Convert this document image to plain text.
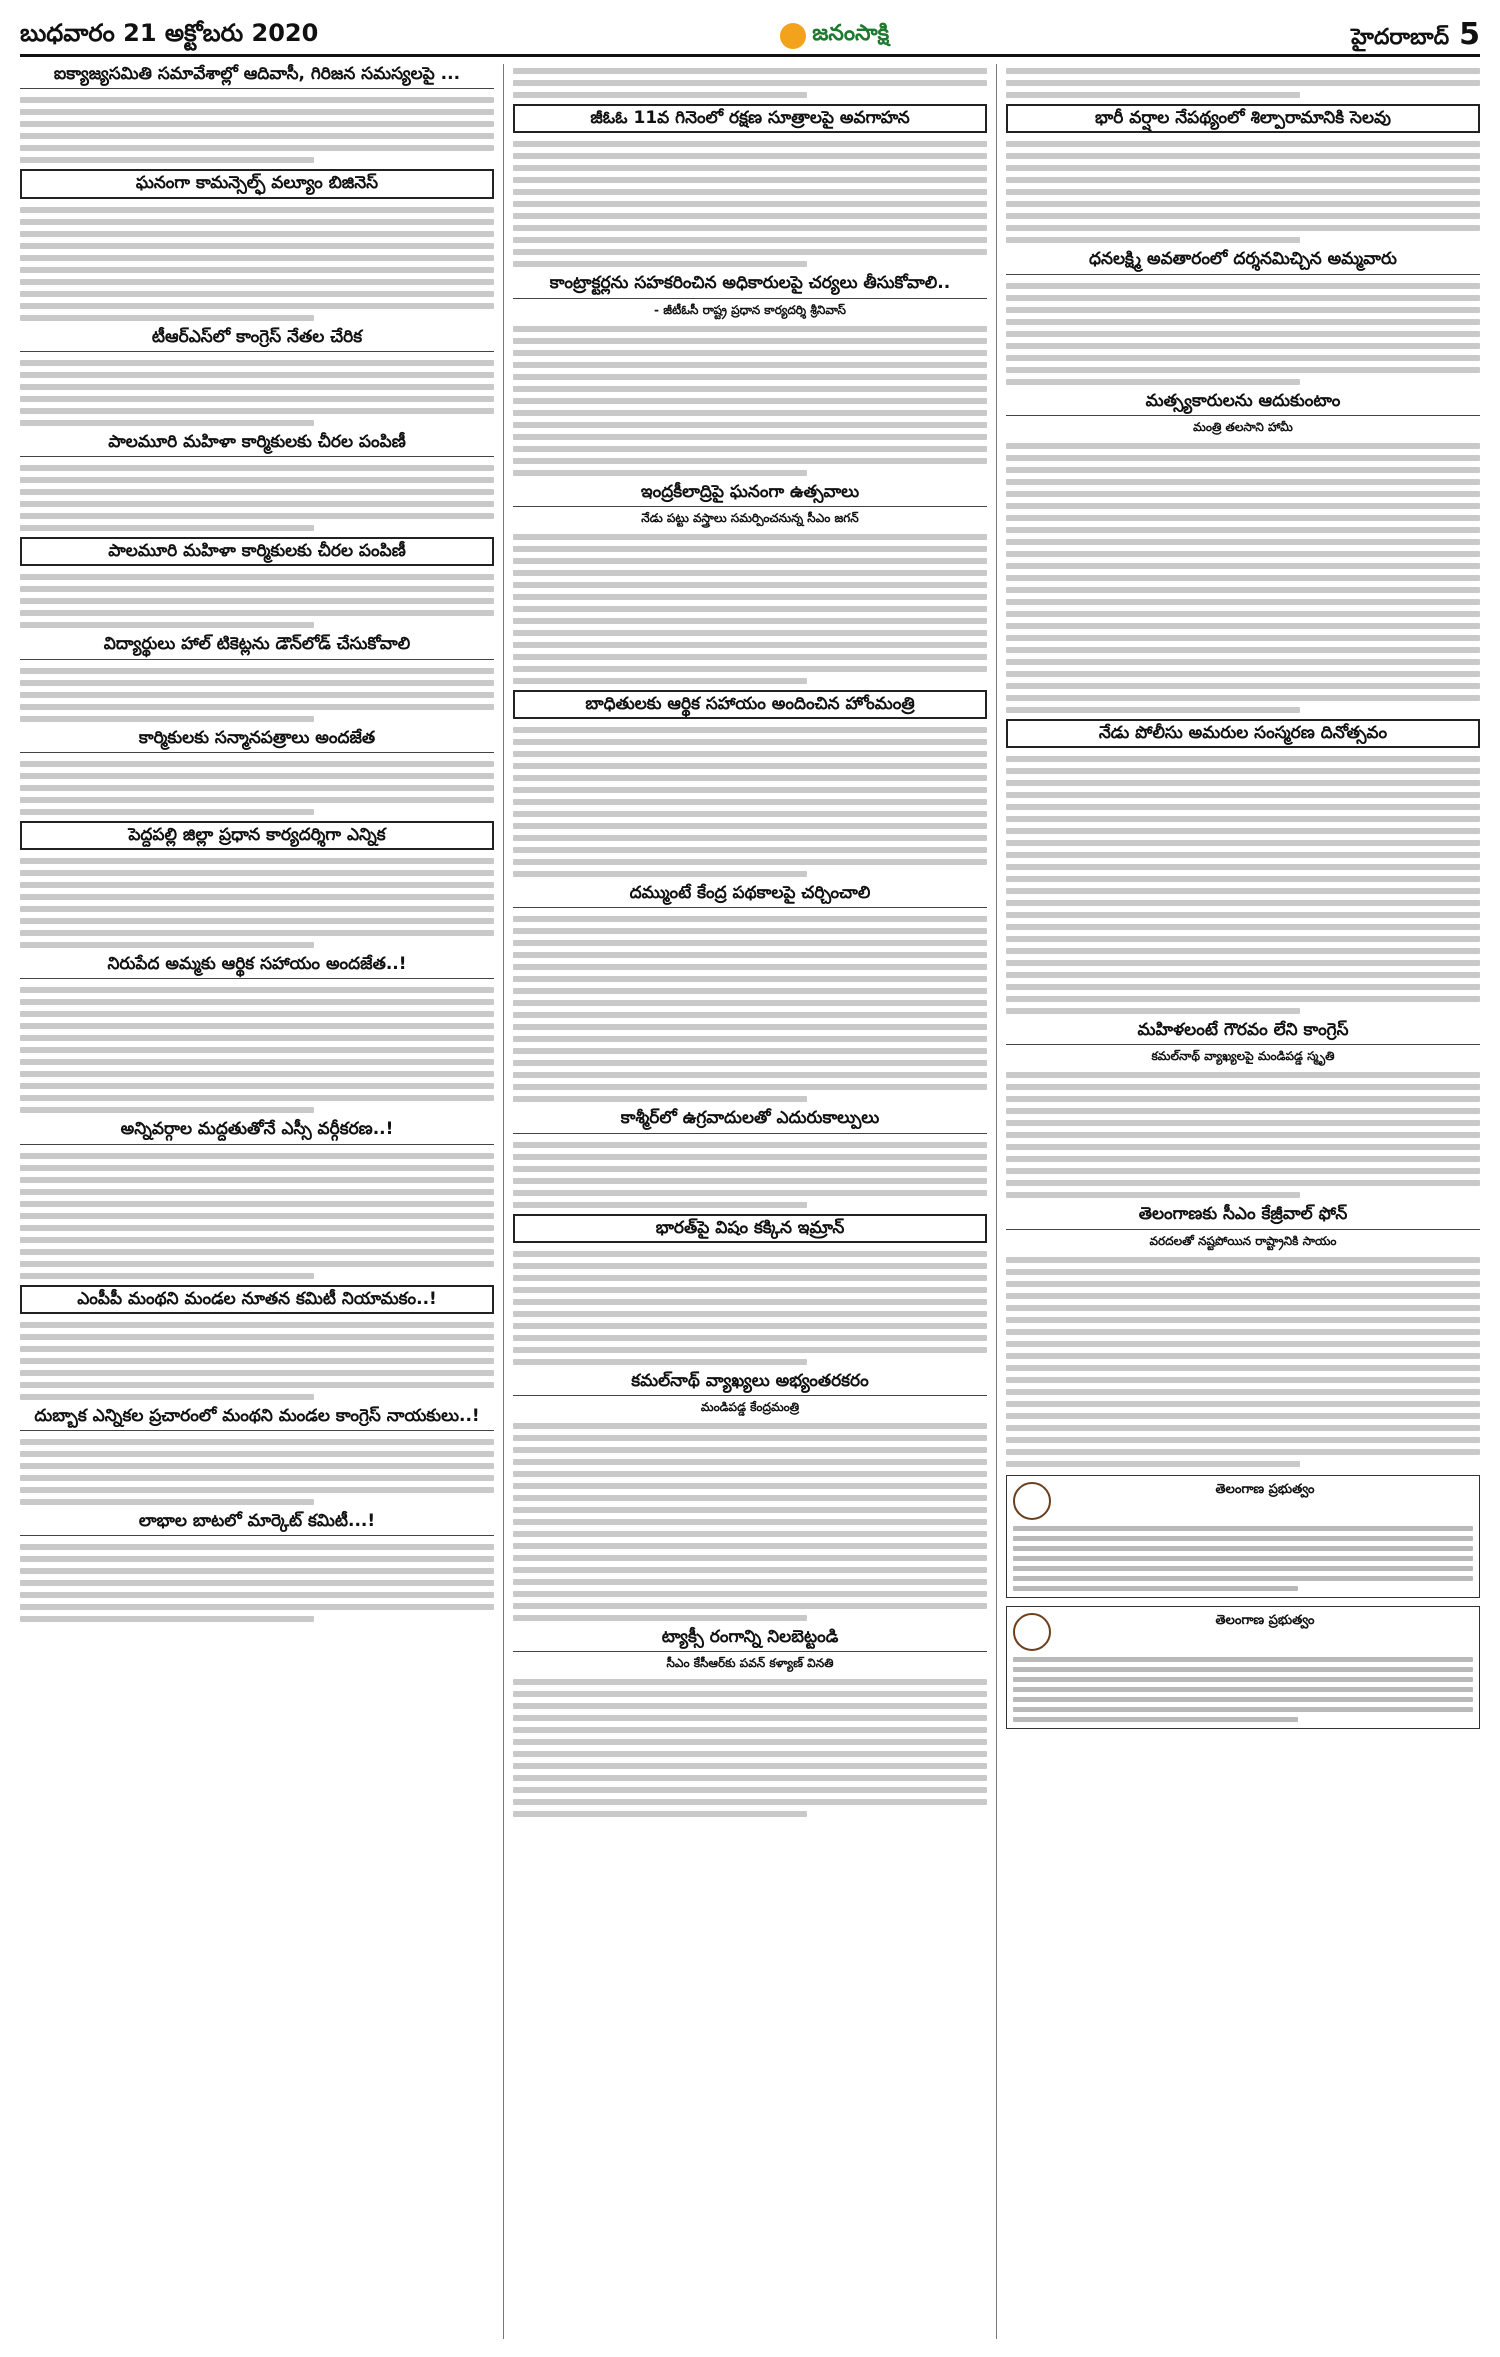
బుధవారం 21 అక్టోబరు 2020	జనంసాక్షి	హైదరాబాద్ 5
ఐక్యాజ్యసమితి సమావేశాల్లో ఆదివాసీ, గిరిజన సమస్యలపై ...
ఘనంగా కామన్సెల్ఫ్ వల్యూం బిజినెస్
టీఆర్ఎస్‌లో కాంగ్రెస్ నేతల చేరిక
పాలమూరి మహిళా కార్మికులకు చీరల పంపిణీ
పాలమూరి మహిళా కార్మికులకు చీరల పంపిణీ
విద్యార్థులు హాల్ టికెట్లను డౌన్‌లోడ్ చేసుకోవాలి
కార్మికులకు సన్మానపత్రాలు అందజేత
పెద్దపల్లి జిల్లా ప్రధాన కార్యదర్శిగా ఎన్నిక
నిరుపేద అమ్మకు ఆర్థిక సహాయం అందజేత..!
అన్నివర్గాల మద్దతుతోనే ఎస్సీ వర్గీకరణ..!
ఎంపీపీ మంథని మండల నూతన కమిటీ నియామకం..!
దుబ్బాక ఎన్నికల ప్రచారంలో మంథని మండల కాంగ్రెస్ నాయకులు..!
లాభాల బాటలో మార్కెట్ కమిటీ...!
జీఓఓ 11వ గినెంలో రక్షణ సూత్రాలపై అవగాహన
కాంట్రాక్టర్లను సహకరించిన అధికారులపై చర్యలు తీసుకోవాలి..
- జీటీఓసీ రాష్ట్ర ప్రధాన కార్యదర్శి శ్రీనివాస్
ఇంద్రకీలాద్రిపై ఘనంగా ఉత్సవాలు
నేడు పట్టు వస్త్రాలు సమర్పించనున్న సీఎం జగన్
బాధితులకు ఆర్థిక సహాయం అందించిన హోంమంత్రి
దమ్ముంటే కేంద్ర పథకాలపై చర్చించాలి
కాశ్మీర్‌లో ఉగ్రవాదులతో ఎదురుకాల్పులు
భారత్‌పై విషం కక్కిన ఇమ్రాన్
కమల్‌నాథ్ వ్యాఖ్యలు అభ్యంతరకరం
మండిపడ్డ కేంద్రమంత్రి
ట్యాక్సీ రంగాన్ని నిలబెట్టండి
సీఎం కేసీఆర్‌కు పవన్ కళ్యాణ్ వినతి
భారీ వర్షాల నేపథ్యంలో శిల్పారామానికి సెలవు
ధనలక్ష్మి అవతారంలో దర్శనమిచ్చిన అమ్మవారు
మత్స్యకారులను ఆదుకుంటాం
మంత్రి తలసాని హామీ
నేడు పోలీసు అమరుల సంస్మరణ దినోత్సవం
మహిళలంటే గౌరవం లేని కాంగ్రెస్
కమల్‌నాథ్ వ్యాఖ్యలపై మండిపడ్డ స్మృతి
తెలంగాణకు సీఎం కేజ్రీవాల్ ఫోన్
వరదలతో నష్టపోయిన రాష్ట్రానికి సాయం
తెలంగాణ ప్రభుత్వం
తెలంగాణ ప్రభుత్వం
